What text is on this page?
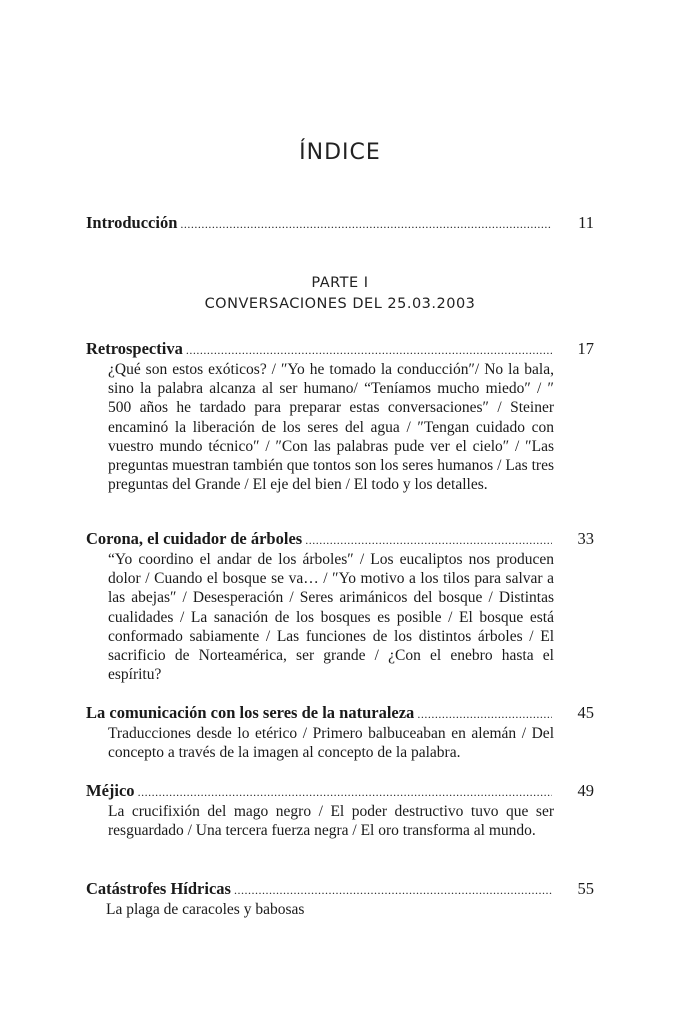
ÍNDICE
Introducción .....	11
PARTE I
CONVERSACIONES DEL 25.03.2003
Retrospectiva .....	17
¿Qué son estos exóticos? / ″Yo he tomado la conducción″/ No la bala, sino la palabra alcanza al ser humano/ “Teníamos mucho miedo″ / ″ 500 años he tardado para preparar estas conversaciones″ / Steiner encaminó la liberación de los seres del agua / ″Tengan cuidado con vuestro mundo técnico″ / ″Con las palabras pude ver el cielo″ / ″Las preguntas muestran también que tontos son los seres humanos / Las tres preguntas del Grande / El eje del bien / El todo y los detalles.
Corona, el cuidador de árboles .....	33
“Yo coordino el andar de los árboles″ / Los eucaliptos nos producen dolor / Cuando el bosque se va… / ″Yo motivo a los tilos para salvar a las abejas″ / Desesperación / Seres arimánicos del bosque / Distintas cualidades / La sanación de los bosques es posible / El bosque está conformado sabiamente / Las funciones de los distintos árboles / El sacrificio de Norteamérica, ser grande / ¿Con el enebro hasta el espíritu?
La comunicación con los seres de la naturaleza .....	45
Traducciones desde lo etérico / Primero balbuceaban en alemán / Del concepto a través de la imagen al concepto de la palabra.
Méjico .....	49
La crucifixión del mago negro / El poder destructivo tuvo que ser resguardado / Una tercera fuerza negra / El oro transforma al mundo.
Catástrofes Hídricas .....	55
La plaga de caracoles y babosas
